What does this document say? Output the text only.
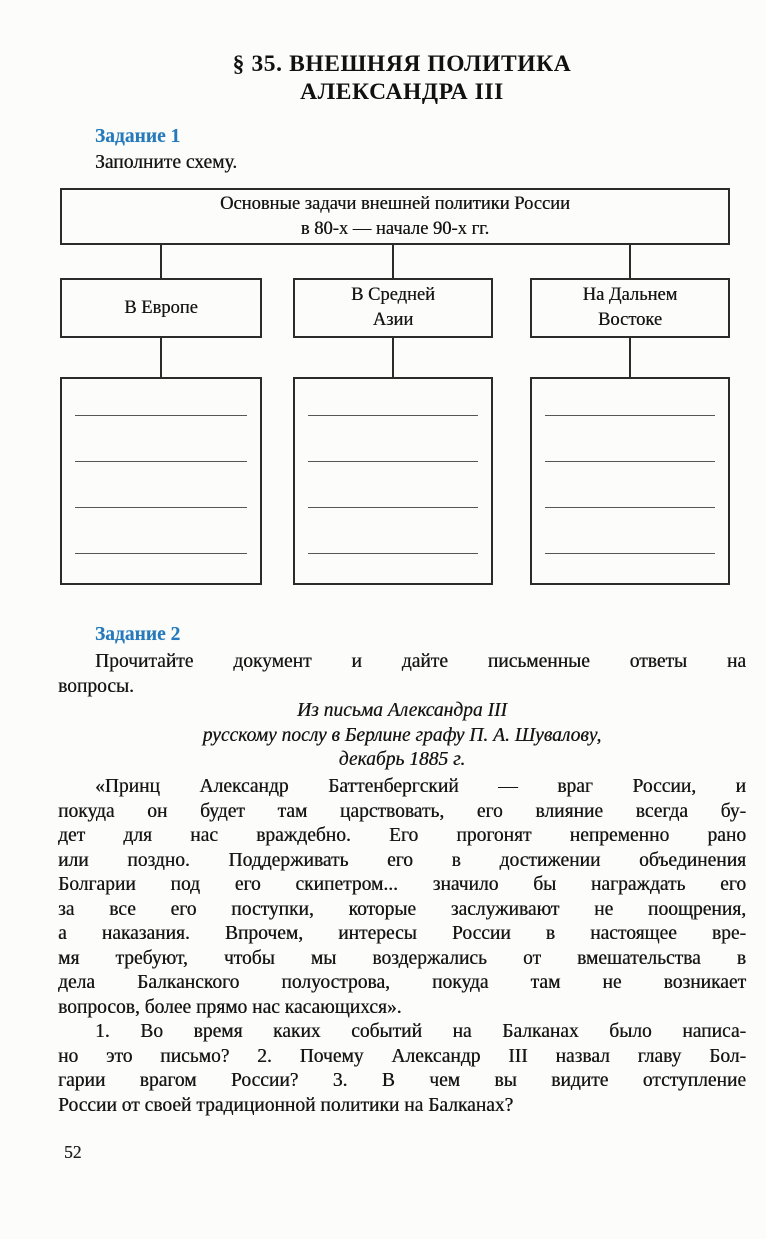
§ 35. ВНЕШНЯЯ ПОЛИТИКА
АЛЕКСАНДРА III
Задание 1
Заполните схему.
Основные задачи внешней политики России
в 80-х — начале 90-х гг.
В Европе
В Средней
Азии
На Дальнем
Востоке
Задание 2
Прочитайте документ и дайте письменные ответы на
вопросы.
Из письма Александра III
русскому послу в Берлине графу П. А. Шувалову,
декабрь 1885 г.
«Принц Александр Баттенбергский — враг России, и
покуда он будет там царствовать, его влияние всегда бу-
дет для нас враждебно. Его прогонят непременно рано
или поздно. Поддерживать его в достижении объединения
Болгарии под его скипетром... значило бы награждать его
за все его поступки, которые заслуживают не поощрения,
а наказания. Впрочем, интересы России в настоящее вре-
мя требуют, чтобы мы воздержались от вмешательства в
дела Балканского полуострова, покуда там не возникает
вопросов, более прямо нас касающихся».
1. Во время каких событий на Балканах было написа-
но это письмо? 2. Почему Александр III назвал главу Бол-
гарии врагом России? 3. В чем вы видите отступление
России от своей традиционной политики на Балканах?
52
